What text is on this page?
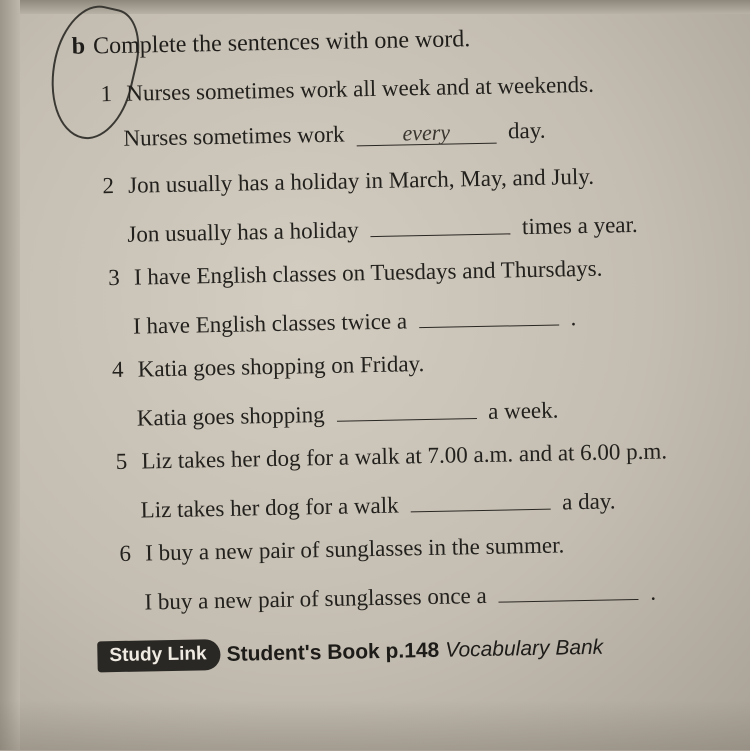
b Complete the sentences with one word.
1 Nurses sometimes work all week and at weekends.
Nurses sometimes work	every day.
2 Jon usually has a holiday in March, May, and July.
Jon usually has a holiday	times a year.
3 I have English classes on Tuesdays and Thursdays.
I have English classes twice a	.
4 Katia goes shopping on Friday.
Katia goes shopping	a week.
5 Liz takes her dog for a walk at 7.00 a.m. and at 6.00 p.m.
Liz takes her dog for a walk	a day.
6 I buy a new pair of sunglasses in the summer.
I buy a new pair of sunglasses once a	.
Study Link Student's Book p.148 Vocabulary Bank
